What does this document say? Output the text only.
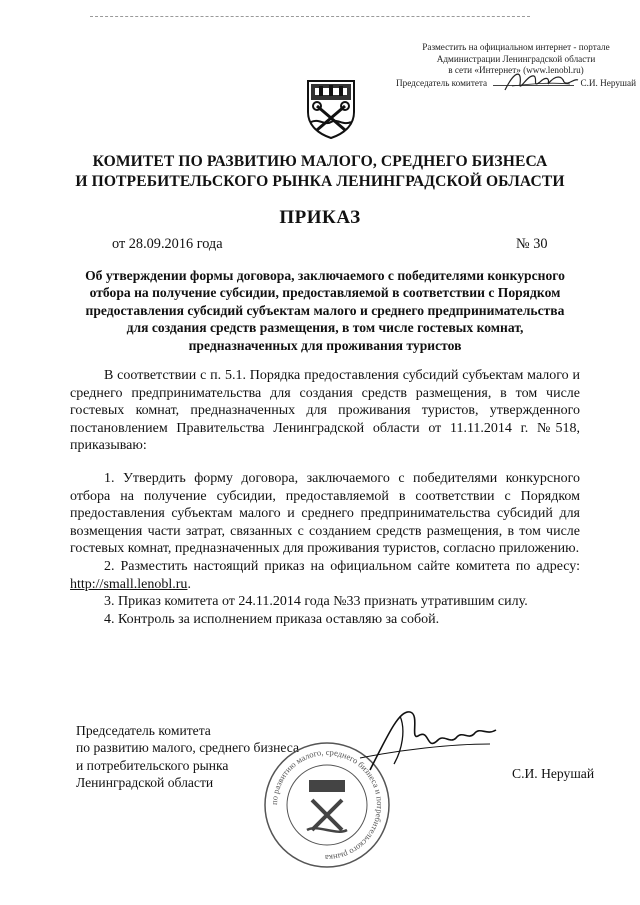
Разместить на официальном интернет - портале
Администрации Ленинградской области
в сети «Интернет» (www.lenobl.ru)
Председатель комитета	С.И. Нерушай
КОМИТЕТ ПО РАЗВИТИЮ МАЛОГО, СРЕДНЕГО БИЗНЕСА
И ПОТРЕБИТЕЛЬСКОГО РЫНКА ЛЕНИНГРАДСКОЙ ОБЛАСТИ
ПРИКАЗ
от 28.09.2016 года	№ 30
Об утверждении формы договора, заключаемого с победителями конкурсного
отбора на получение субсидии, предоставляемой в соответствии с Порядком
предоставления субсидий субъектам малого и среднего предпринимательства
для создания средств размещения, в том числе гостевых комнат,
предназначенных для проживания туристов
В соответствии с п. 5.1. Порядка предоставления субсидий субъектам малого и среднего предпринимательства для создания средств размещения, в том числе гостевых комнат, предназначенных для проживания туристов, утвержденного постановлением Правительства Ленинградской области от 11.11.2014 г. №518, приказываю:

1. Утвердить форму договора, заключаемого с победителями конкурсного отбора на получение субсидии, предоставляемой в соответствии с Порядком предоставления субъектам малого и среднего предпринимательства субсидий для возмещения части затрат, связанных с созданием средств размещения, в том числе гостевых комнат, предназначенных для проживания туристов, согласно приложению.

2. Разместить настоящий приказ на официальном сайте комитета по адресу: http://small.lenobl.ru.

3. Приказ комитета от 24.11.2014 года №33 признать утратившим силу.

4. Контроль за исполнением приказа оставляю за собой.

Председатель комитета
по развитию малого, среднего бизнеса
и потребительского рынка
Ленинградской области
по развитию малого, среднего бизнеса и потребительского рынка
С.И. Нерушай
